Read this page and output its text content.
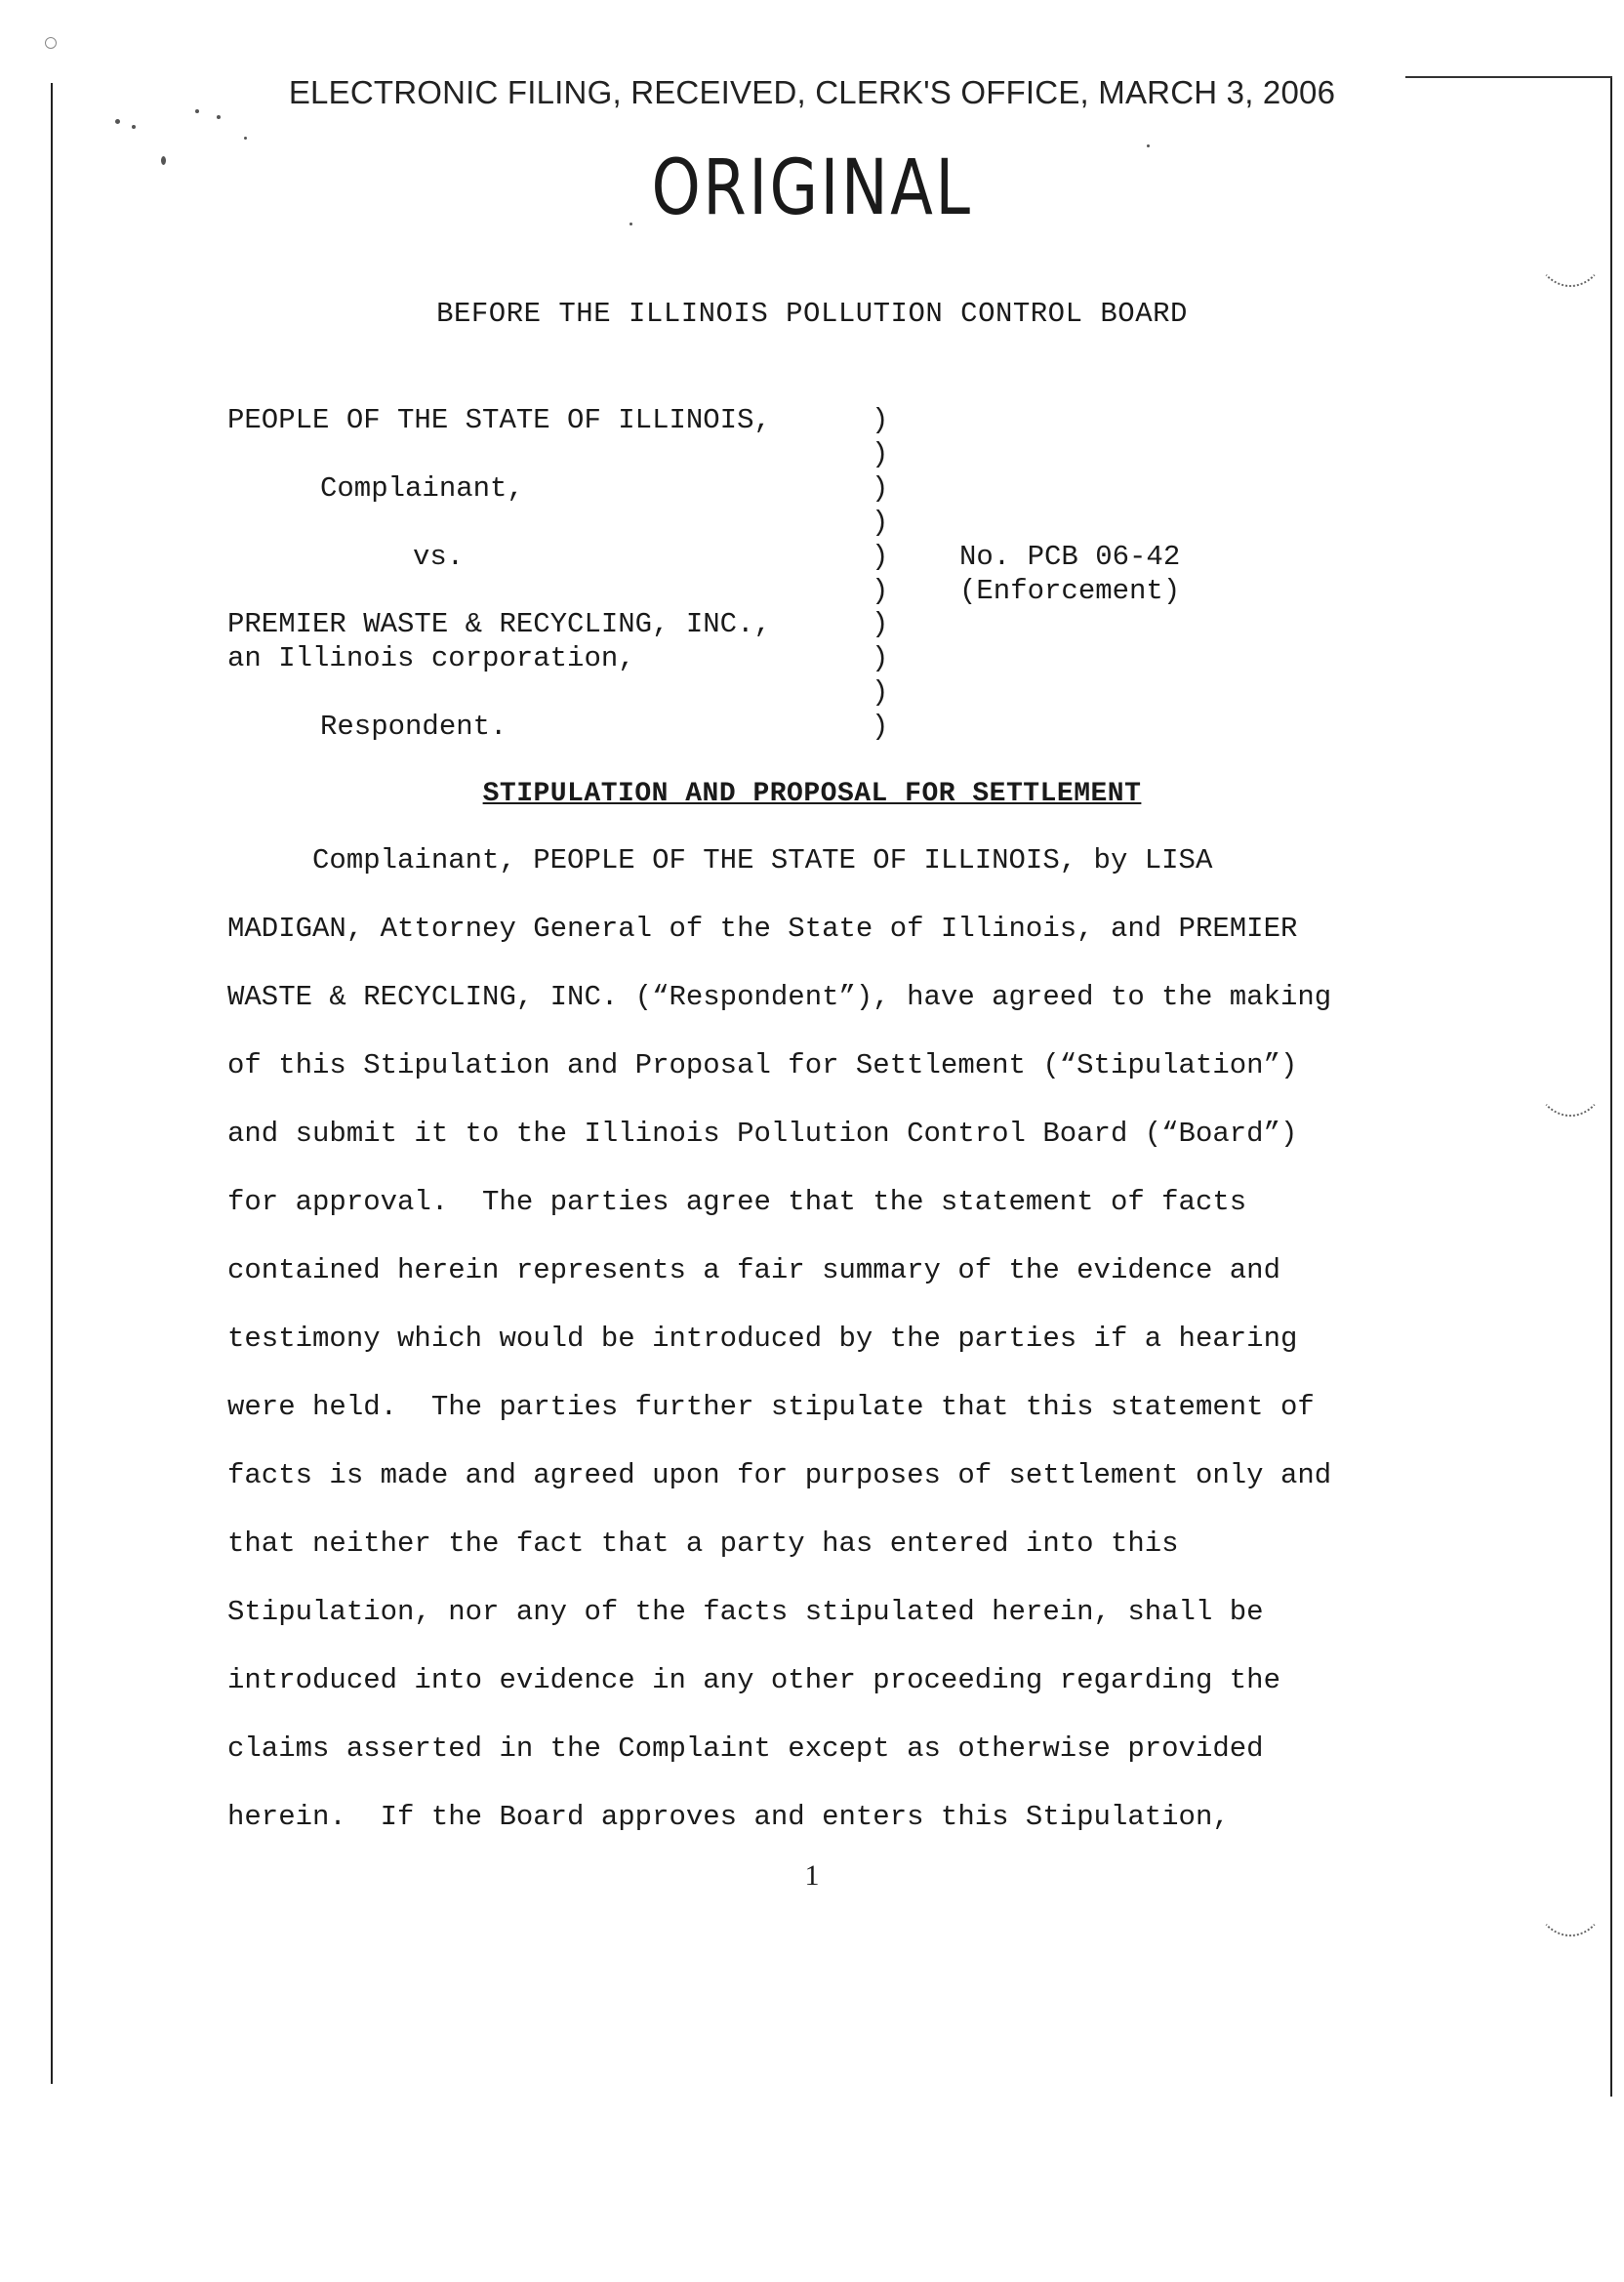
ELECTRONIC FILING, RECEIVED, CLERK'S OFFICE, MARCH 3, 2006
ORIGINAL
BEFORE THE ILLINOIS POLLUTION CONTROL BOARD
PEOPLE OF THE STATE OF ILLINOIS,
Complainant,
vs.
PREMIER WASTE & RECYCLING, INC.,
an Illinois corporation,
Respondent.
No. PCB 06-42
(Enforcement)
)
)
)
)
)
)
)
)
)
)
STIPULATION AND PROPOSAL FOR SETTLEMENT
Complainant, PEOPLE OF THE STATE OF ILLINOIS, by LISA
MADIGAN, Attorney General of the State of Illinois, and PREMIER
WASTE & RECYCLING, INC. (“Respondent”), have agreed to the making
of this Stipulation and Proposal for Settlement (“Stipulation”)
and submit it to the Illinois Pollution Control Board (“Board”)
for approval.  The parties agree that the statement of facts
contained herein represents a fair summary of the evidence and
testimony which would be introduced by the parties if a hearing
were held.  The parties further stipulate that this statement of
facts is made and agreed upon for purposes of settlement only and
that neither the fact that a party has entered into this
Stipulation, nor any of the facts stipulated herein, shall be
introduced into evidence in any other proceeding regarding the
claims asserted in the Complaint except as otherwise provided
herein.  If the Board approves and enters this Stipulation,
1
